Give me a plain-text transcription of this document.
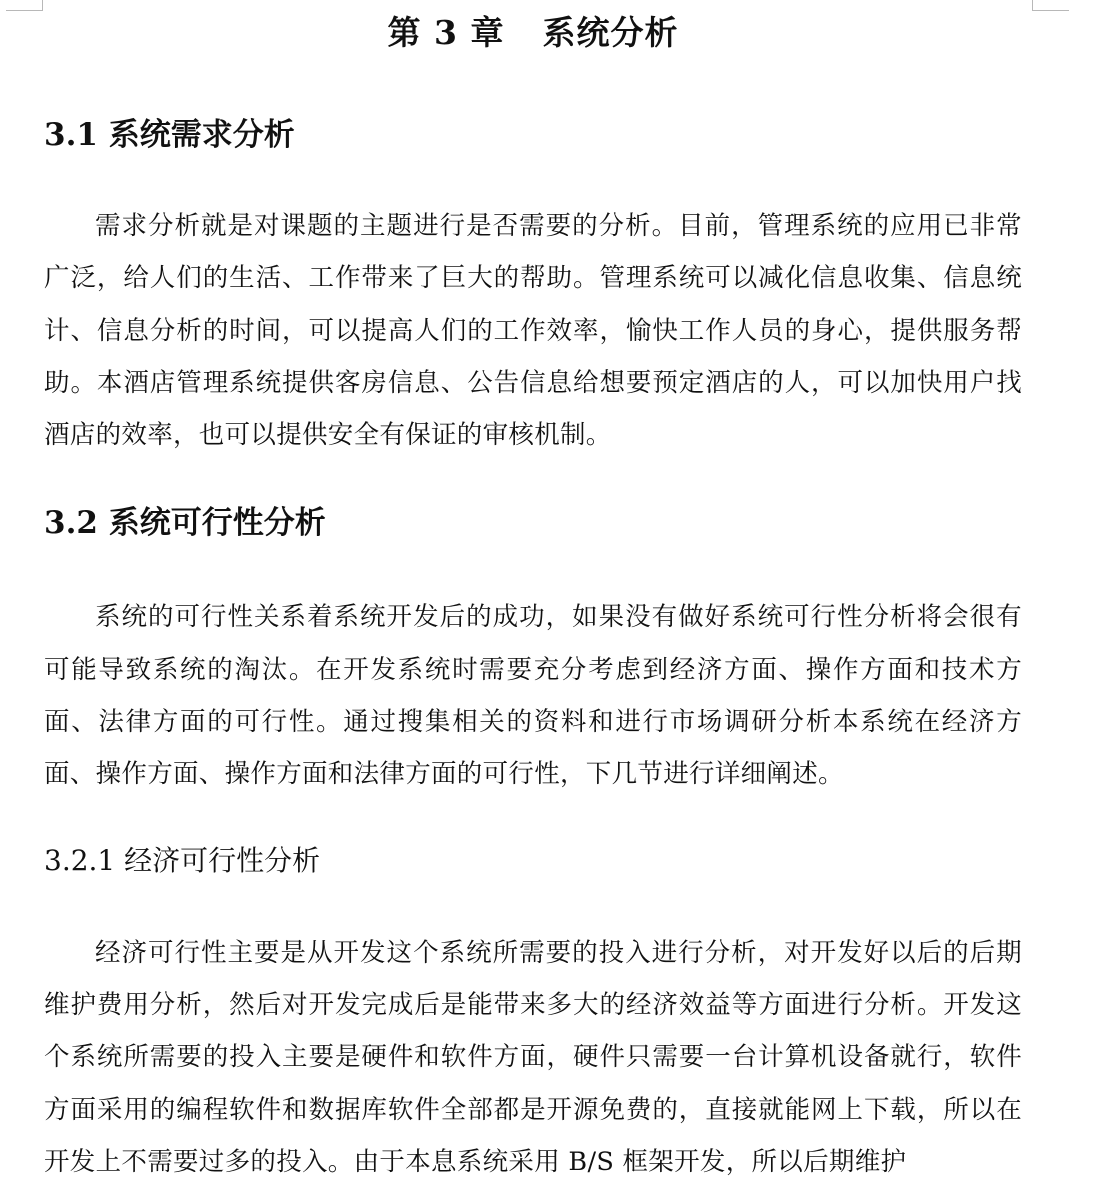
第 3 章 系统分析
3.1 系统需求分析

需求分析就是对课题的主题进行是否需要的分析。目前，管理系统的应用已非常广泛，给人们的生活、工作带来了巨大的帮助。管理系统可以减化信息收集、信息统计、信息分析的时间，可以提高人们的工作效率，愉快工作人员的身心，提供服务帮助。本酒店管理系统提供客房信息、公告信息给想要预定酒店的人，可以加快用户找酒店的效率，也可以提供安全有保证的审核机制。

3.2 系统可行性分析

系统的可行性关系着系统开发后的成功，如果没有做好系统可行性分析将会很有可能导致系统的淘汰。在开发系统时需要充分考虑到经济方面、操作方面和技术方面、法律方面的可行性。通过搜集相关的资料和进行市场调研分析本系统在经济方面、操作方面、操作方面和法律方面的可行性，下几节进行详细阐述。

3.2.1 经济可行性分析

经济可行性主要是从开发这个系统所需要的投入进行分析，对开发好以后的后期维护费用分析，然后对开发完成后是能带来多大的经济效益等方面进行分析。开发这个系统所需要的投入主要是硬件和软件方面，硬件只需要一台计算机设备就行，软件方面采用的编程软件和数据库软件全部都是开源免费的，直接就能网上下载，所以在开发上不需要过多的投入。由于本息系统采用 B/S 框架开发，所以后期维护
